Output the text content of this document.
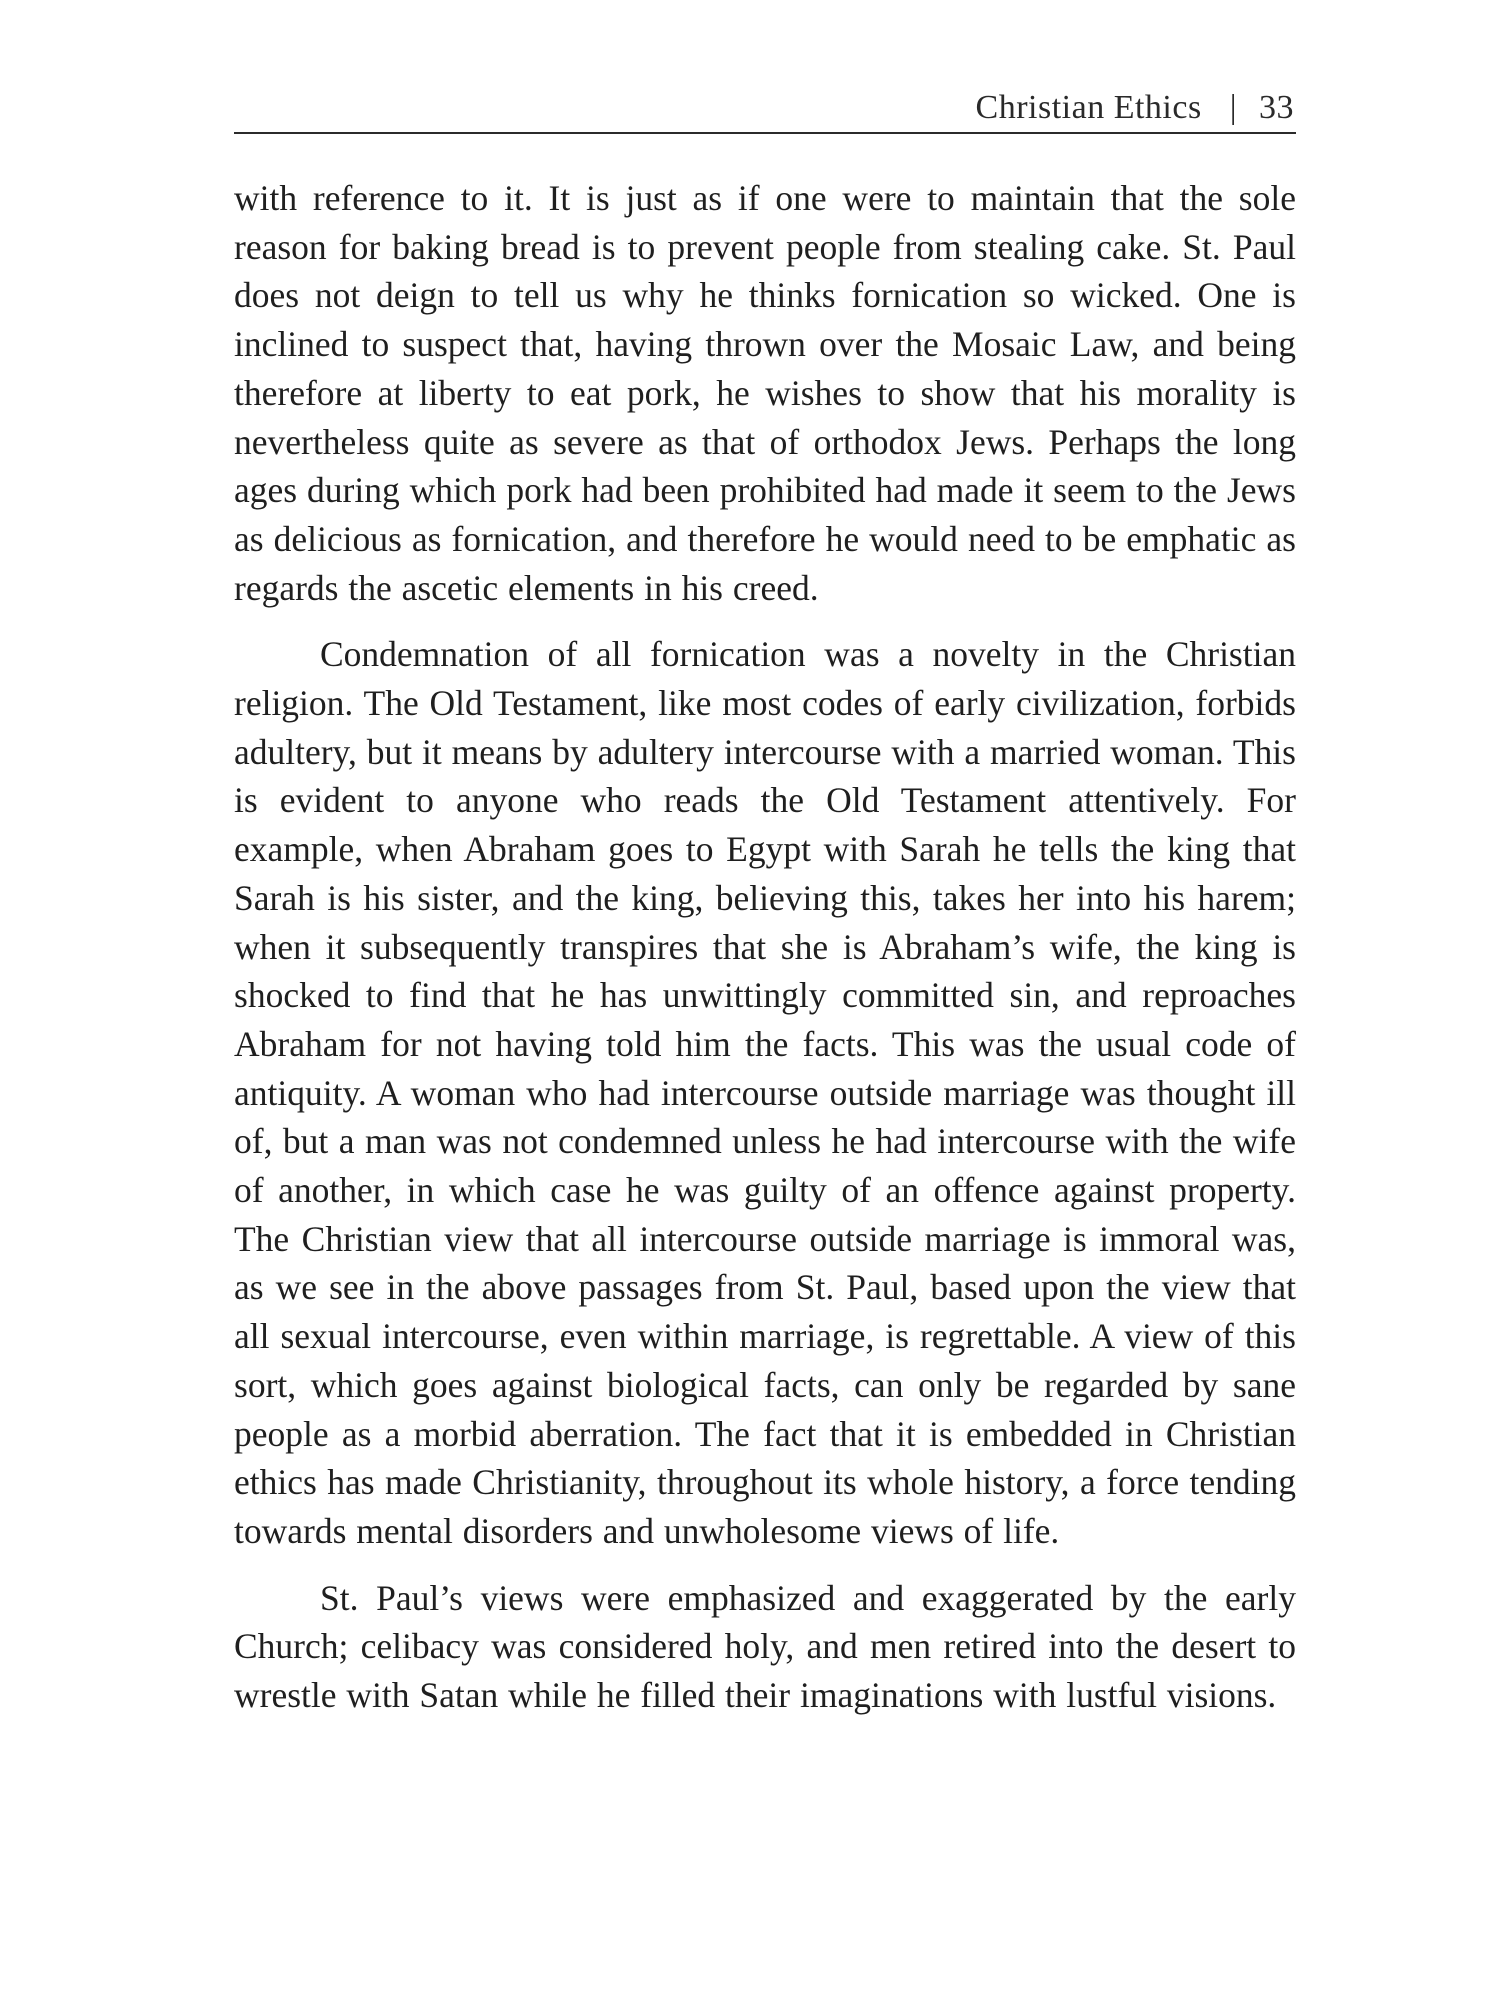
Christian Ethics | 33

with reference to it. It is just as if one were to maintain that the sole reason for baking bread is to prevent people from stealing cake. St. Paul does not deign to tell us why he thinks fornication so wicked. One is inclined to suspect that, having thrown over the Mosaic Law, and being therefore at liberty to eat pork, he wishes to show that his morality is nevertheless quite as severe as that of orthodox Jews. Perhaps the long ages during which pork had been prohibited had made it seem to the Jews as delicious as fornication, and therefore he would need to be emphatic as regards the ascetic elements in his creed.

Condemnation of all fornication was a novelty in the Christian religion. The Old Testament, like most codes of early civilization, forbids adultery, but it means by adultery intercourse with a married woman. This is evident to anyone who reads the Old Testament attentively. For example, when Abraham goes to Egypt with Sarah he tells the king that Sarah is his sister, and the king, believing this, takes her into his harem; when it subsequently transpires that she is Abraham’s wife, the king is shocked to find that he has unwittingly committed sin, and reproaches Abraham for not having told him the facts. This was the usual code of antiquity. A woman who had intercourse outside marriage was thought ill of, but a man was not condemned unless he had intercourse with the wife of another, in which case he was guilty of an offence against property. The Christian view that all intercourse outside marriage is immoral was, as we see in the above passages from St. Paul, based upon the view that all sexual intercourse, even within marriage, is regrettable. A view of this sort, which goes against biological facts, can only be regarded by sane people as a morbid aberration. The fact that it is embedded in Christian ethics has made Christianity, throughout its whole history, a force tending towards mental disorders and unwholesome views of life.

St. Paul’s views were emphasized and exaggerated by the early Church; celibacy was considered holy, and men retired into the desert to wrestle with Satan while he filled their imaginations with lustful visions.
